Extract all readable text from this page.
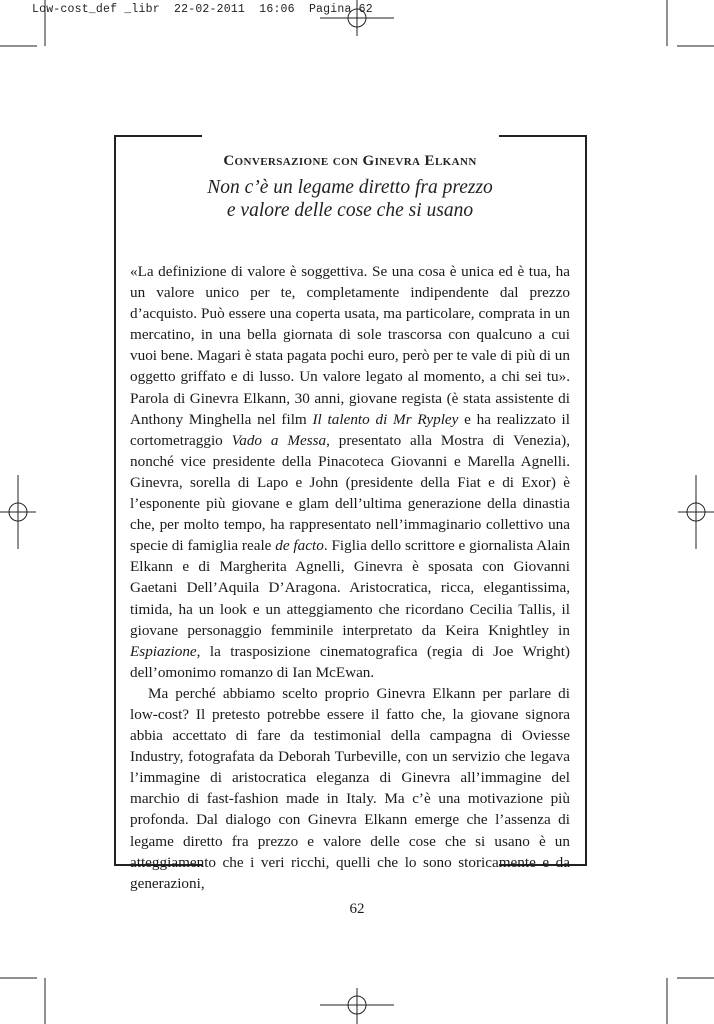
Low-cost_def _libr  22-02-2011  16:06  Pagina 62
Conversazione con Ginevra Elkann
Non c’è un legame diretto fra prezzo
e valore delle cose che si usano

«La definizione di valore è soggettiva. Se una cosa è unica ed è tua, ha un valore unico per te, completamente indipendente dal prezzo d’acquisto. Può essere una coperta usata, ma particolare, comprata in un mercatino, in una bella giornata di sole trascorsa con qualcuno a cui vuoi bene. Magari è stata pagata pochi euro, però per te vale di più di un oggetto griffato e di lusso. Un valore legato al momento, a chi sei tu». Parola di Ginevra Elkann, 30 anni, giovane regista (è stata assistente di Anthony Minghella nel film Il talento di Mr Rypley e ha realizzato il cortometraggio Vado a Messa, presentato alla Mostra di Venezia), nonché vice presidente della Pinacoteca Giovanni e Marella Agnelli. Ginevra, sorella di Lapo e John (presidente della Fiat e di Exor) è l’esponente più giovane e glam dell’ultima generazione della dinastia che, per molto tempo, ha rappresentato nell’immaginario collettivo una specie di famiglia reale de facto. Figlia dello scrittore e giornalista Alain Elkann e di Margherita Agnelli, Ginevra è sposata con Giovanni Gaetani Dell’Aquila D’Aragona. Aristocratica, ricca, elegantissima, timida, ha un look e un atteggiamento che ricordano Cecilia Tallis, il giovane personaggio femminile interpretato da Keira Knightley in Espiazione, la trasposizione cinematografica (regia di Joe Wright) dell’omonimo romanzo di Ian McEwan.

Ma perché abbiamo scelto proprio Ginevra Elkann per parlare di low-cost? Il pretesto potrebbe essere il fatto che, la giovane signora abbia accettato di fare da testimonial della campagna di Oviesse Industry, fotografata da Deborah Turbeville, con un servizio che legava l’immagine di aristocratica eleganza di Ginevra all’immagine del marchio di fast-fashion made in Italy. Ma c’è una motivazione più profonda. Dal dialogo con Ginevra Elkann emerge che l’assenza di legame diretto fra prezzo e valore delle cose che si usano è un atteggiamento che i veri ricchi, quelli che lo sono storicamente e da generazioni,

62
